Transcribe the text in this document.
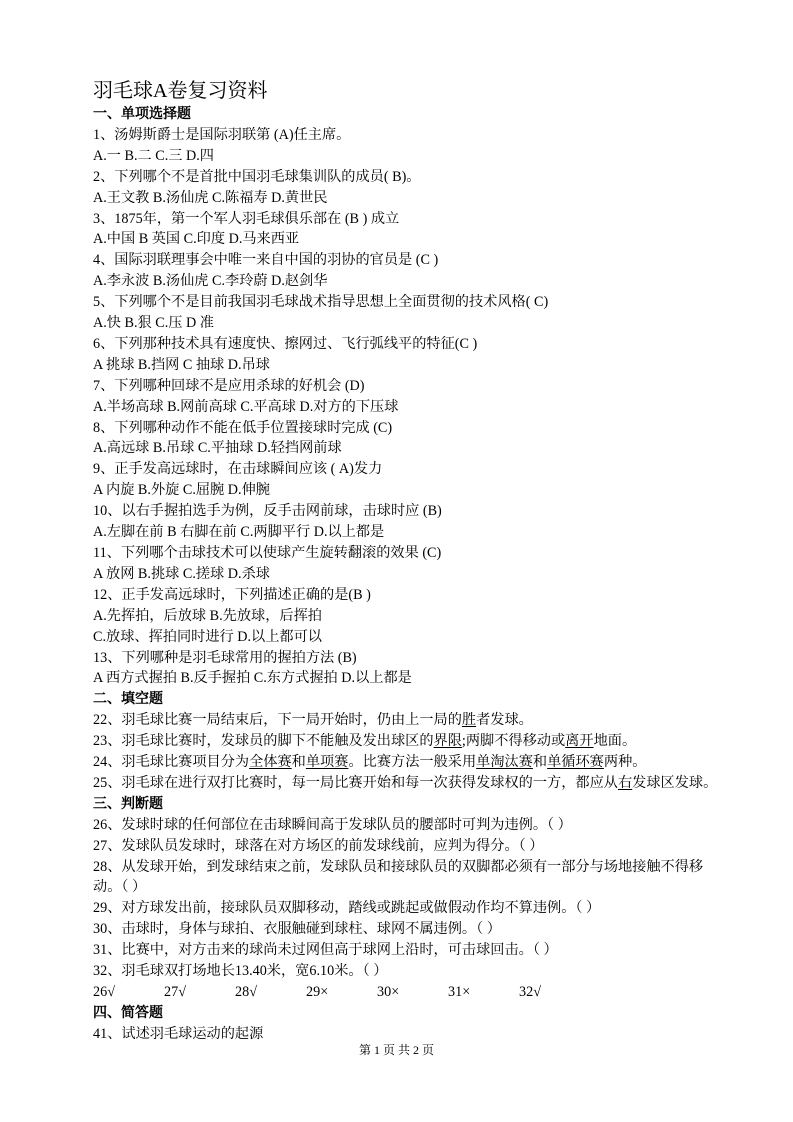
羽毛球A卷复习资料
一、单项选择题
1、汤姆斯爵士是国际羽联第 (A)任主席。
A.一 B.二 C.三 D.四
2、下列哪个不是首批中国羽毛球集训队的成员( B)。
A.王文教 B.汤仙虎 C.陈福寿 D.黄世民
3、1875年，第一个军人羽毛球俱乐部在 (B ) 成立
A.中国 B 英国 C.印度 D.马来西亚
4、国际羽联理事会中唯一来自中国的羽协的官员是 (C )
A.李永波 B.汤仙虎 C.李玲蔚 D.赵剑华
5、下列哪个不是目前我国羽毛球战术指导思想上全面贯彻的技术风格( C)
A.快 B.狠 C.压 D 准
6、下列那种技术具有速度快、擦网过、飞行弧线平的特征(C )
A 挑球 B.挡网 C 抽球 D.吊球
7、下列哪种回球不是应用杀球的好机会 (D)
A.半场高球 B.网前高球 C.平高球 D.对方的下压球
8、下列哪种动作不能在低手位置接球时完成 (C)
A.高远球 B.吊球 C.平抽球 D.轻挡网前球
9、正手发高远球时，在击球瞬间应该 ( A)发力
A 内旋 B.外旋 C.屈腕 D.伸腕
10、以右手握拍选手为例，反手击网前球，击球时应 (B)
A.左脚在前 B 右脚在前 C.两脚平行 D.以上都是
11、下列哪个击球技术可以使球产生旋转翻滚的效果 (C)
A 放网 B.挑球 C.搓球 D.杀球
12、正手发高远球时，下列描述正确的是(B )
A.先挥拍，后放球 B.先放球，后挥拍
C.放球、挥拍同时进行 D.以上都可以
13、下列哪种是羽毛球常用的握拍方法 (B)
A 西方式握拍 B.反手握拍 C.东方式握拍 D.以上都是
二、填空题
22、羽毛球比赛一局结束后，下一局开始时，仍由上一局的胜者发球。
23、羽毛球比赛时，发球员的脚下不能触及发出球区的界限;两脚不得移动或离开地面。
24、羽毛球比赛项目分为全体赛和单项赛。比赛方法一般采用单淘汰赛和单循环赛两种。
25、羽毛球在进行双打比赛时，每一局比赛开始和每一次获得发球权的一方，都应从右发球区发球。
三、判断题
26、发球时球的任何部位在击球瞬间高于发球队员的腰部时可判为违例。（ ）
27、发球队员发球时，球落在对方场区的前发球线前，应判为得分。（ ）
28、从发球开始，到发球结束之前，发球队员和接球队员的双脚都必须有一部分与场地接触不得移
动。（ ）
29、对方球发出前，接球队员双脚移动，踏线或跳起或做假动作均不算违例。（ ）
30、击球时，身体与球拍、衣服触碰到球柱、球网不属违例。（ ）
31、比赛中，对方击来的球尚未过网但高于球网上沿时，可击球回击。（ ）
32、羽毛球双打场地长13.40米，宽6.10米。（ ）
26√	27√	28√	29×	30×	31×	32√
四、简答题
41、试述羽毛球运动的起源
第 1 页 共 2 页
